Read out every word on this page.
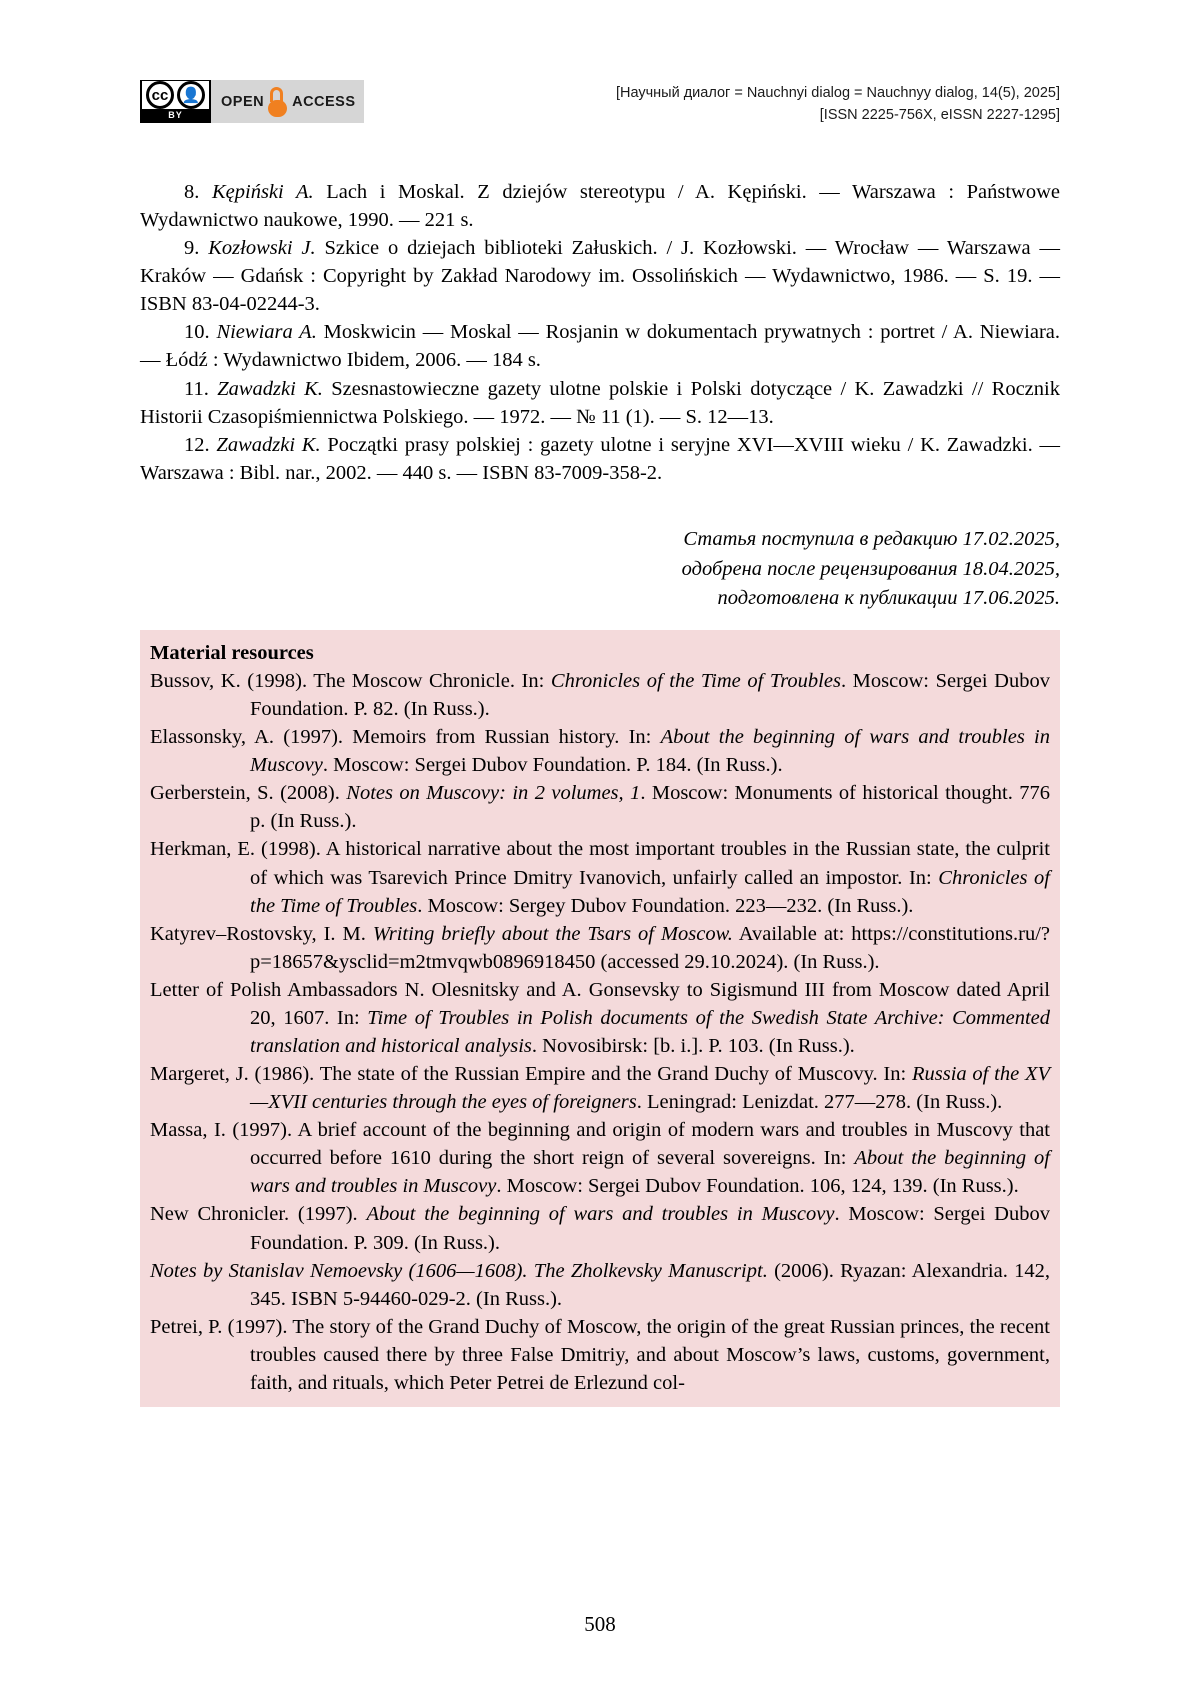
cc 👤
BY
OPEN ACCESS
[Научный диалог = Nauchnyi dialog = Nauchnyy dialog, 14(5), 2025]
[ISSN 2225-756X, eISSN 2227-1295]
8. Kępiński A. Lach i Moskal. Z dziejów stereotypu / A. Kępiński. — Warszawa : Państwowe Wydawnictwo naukowe, 1990. — 221 s.
9. Kozłowski J. Szkice o dziejach biblioteki Załuskich. / J. Kozłowski. — Wrocław — Warszawa — Kraków — Gdańsk : Copyright by Zakład Narodowy im. Ossolińskich — Wydawnictwo, 1986. — S. 19. — ISBN 83-04-02244-3.
10. Niewiara A. Moskwicin — Moskal — Rosjanin w dokumentach prywatnych : portret / A. Niewiara. — Łódź : Wydawnictwo Ibidem, 2006. — 184 s.
11. Zawadzki K. Szesnastowieczne gazety ulotne polskie i Polski dotyczące / K. Zawadzki // Rocznik Historii Czasopiśmiennictwa Polskiego. — 1972. — № 11 (1). — S. 12—13.
12. Zawadzki K. Początki prasy polskiej : gazety ulotne i seryjne XVI—XVIII wieku / K. Zawadzki. — Warszawa : Bibl. nar., 2002. — 440 s. — ISBN 83-7009-358-2.
Статья поступила в редакцию 17.02.2025,
одобрена после рецензирования 18.04.2025,
подготовлена к публикации 17.06.2025.
Material resources
Bussov, K. (1998). The Moscow Chronicle. In: Chronicles of the Time of Troubles. Moscow: Sergei Dubov Foundation. P. 82. (In Russ.).
Elassonsky, A. (1997). Memoirs from Russian history. In: About the beginning of wars and troubles in Muscovy. Moscow: Sergei Dubov Foundation. P. 184. (In Russ.).
Gerberstein, S. (2008). Notes on Muscovy: in 2 volumes, 1. Moscow: Monuments of historical thought. 776 p. (In Russ.).
Herkman, E. (1998). A historical narrative about the most important troubles in the Russian state, the culprit of which was Tsarevich Prince Dmitry Ivanovich, unfairly called an impostor. In: Chronicles of the Time of Troubles. Moscow: Sergey Dubov Foundation. 223—232. (In Russ.).
Katyrev–Rostovsky, I. M. Writing briefly about the Tsars of Moscow. Available at: https://constitutions.ru/?p=18657&ysclid=m2tmvqwb0896918450 (accessed 29.10.2024). (In Russ.).
Letter of Polish Ambassadors N. Olesnitsky and A. Gonsevsky to Sigismund III from Moscow dated April 20, 1607. In: Time of Troubles in Polish documents of the Swedish State Archive: Commented translation and historical analysis. Novosibirsk: [b. i.]. P. 103. (In Russ.).
Margeret, J. (1986). The state of the Russian Empire and the Grand Duchy of Muscovy. In: Russia of the XV—XVII centuries through the eyes of foreigners. Leningrad: Lenizdat. 277—278. (In Russ.).
Massa, I. (1997). A brief account of the beginning and origin of modern wars and troubles in Muscovy that occurred before 1610 during the short reign of several sovereigns. In: About the beginning of wars and troubles in Muscovy. Moscow: Sergei Dubov Foundation. 106, 124, 139. (In Russ.).
New Chronicler. (1997). About the beginning of wars and troubles in Muscovy. Moscow: Sergei Dubov Foundation. P. 309. (In Russ.).
Notes by Stanislav Nemoevsky (1606—1608). The Zholkevsky Manuscript. (2006). Ryazan: Alexandria. 142, 345. ISBN 5-94460-029-2. (In Russ.).
Petrei, P. (1997). The story of the Grand Duchy of Moscow, the origin of the great Russian princes, the recent troubles caused there by three False Dmitriy, and about Moscow’s laws, customs, government, faith, and rituals, which Peter Petrei de Erlezund col-
508
